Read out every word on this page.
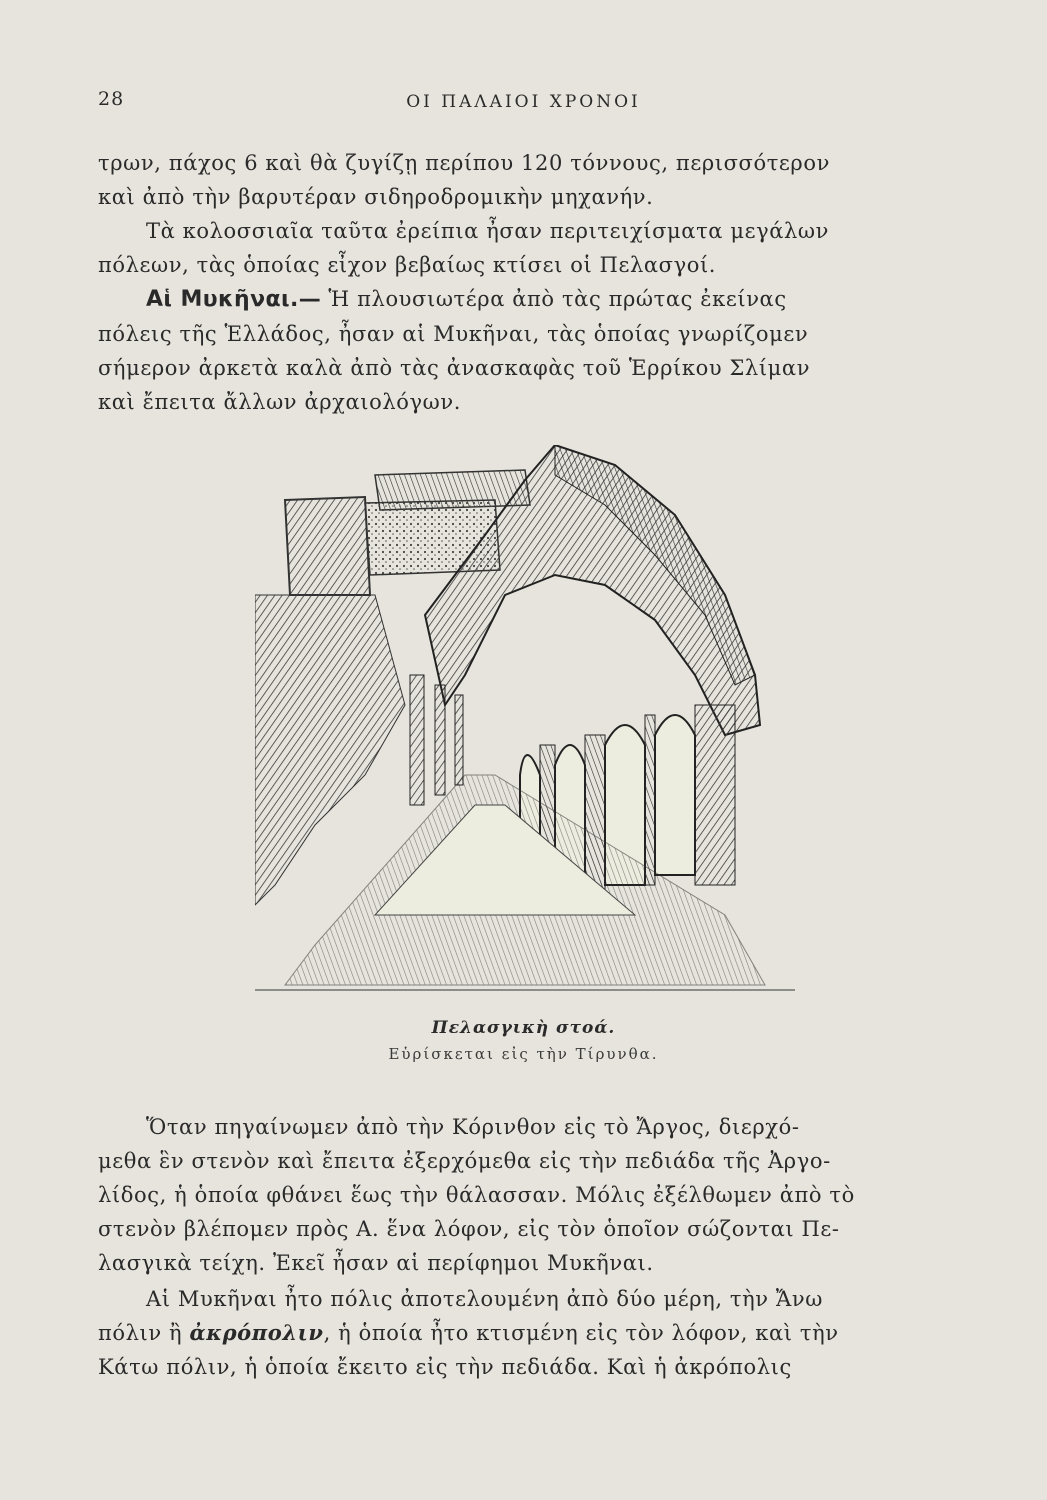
28	ΟΙ ΠΑΛΑΙΟΙ ΧΡΟΝΟΙ
τρων, πάχος 6 καὶ θὰ ζυγίζῃ περίπου 120 τόννους, περισσότερον
καὶ ἀπὸ τὴν βαρυτέραν σιδηροδρομικὴν μηχανήν.
Τὰ κολοσσιαῖα ταῦτα ἐρείπια ἦσαν περιτειχίσματα μεγάλων
πόλεων, τὰς ὁποίας εἶχον βεβαίως κτίσει οἱ Πελασγοί.
Αἱ Μυκῆναι.— Ἡ πλουσιωτέρα ἀπὸ τὰς πρώτας ἐκείνας
πόλεις τῆς Ἑλλάδος, ἦσαν αἱ Μυκῆναι, τὰς ὁποίας γνωρίζομεν
σήμερον ἀρκετὰ καλὰ ἀπὸ τὰς ἀνασκαφὰς τοῦ Ἑρρίκου Σλίμαν
καὶ ἔπειτα ἄλλων ἀρχαιολόγων.
Πελασγικὴ στοά.
Εὑρίσκεται εἰς τὴν Τίρυνθα.
Ὅταν πηγαίνωμεν ἀπὸ τὴν Κόρινθον εἰς τὸ Ἄργος, διερχό-
μεθα ἓν στενὸν καὶ ἔπειτα ἐξερχόμεθα εἰς τὴν πεδιάδα τῆς Ἀργο-
λίδος, ἡ ὁποία φθάνει ἕως τὴν θάλασσαν. Μόλις ἐξέλθωμεν ἀπὸ τὸ
στενὸν βλέπομεν πρὸς Α. ἕνα λόφον, εἰς τὸν ὁποῖον σώζονται Πε-
λασγικὰ τείχη. Ἐκεῖ ἦσαν αἱ περίφημοι Μυκῆναι.
Αἱ Μυκῆναι ἦτο πόλις ἀποτελουμένη ἀπὸ δύο μέρη, τὴν Ἄνω
πόλιν ἢ ἀκρόπολιν, ἡ ὁποία ἦτο κτισμένη εἰς τὸν λόφον, καὶ τὴν
Κάτω πόλιν, ἡ ὁποία ἔκειτο εἰς τὴν πεδιάδα. Καὶ ἡ ἀκρόπολις
